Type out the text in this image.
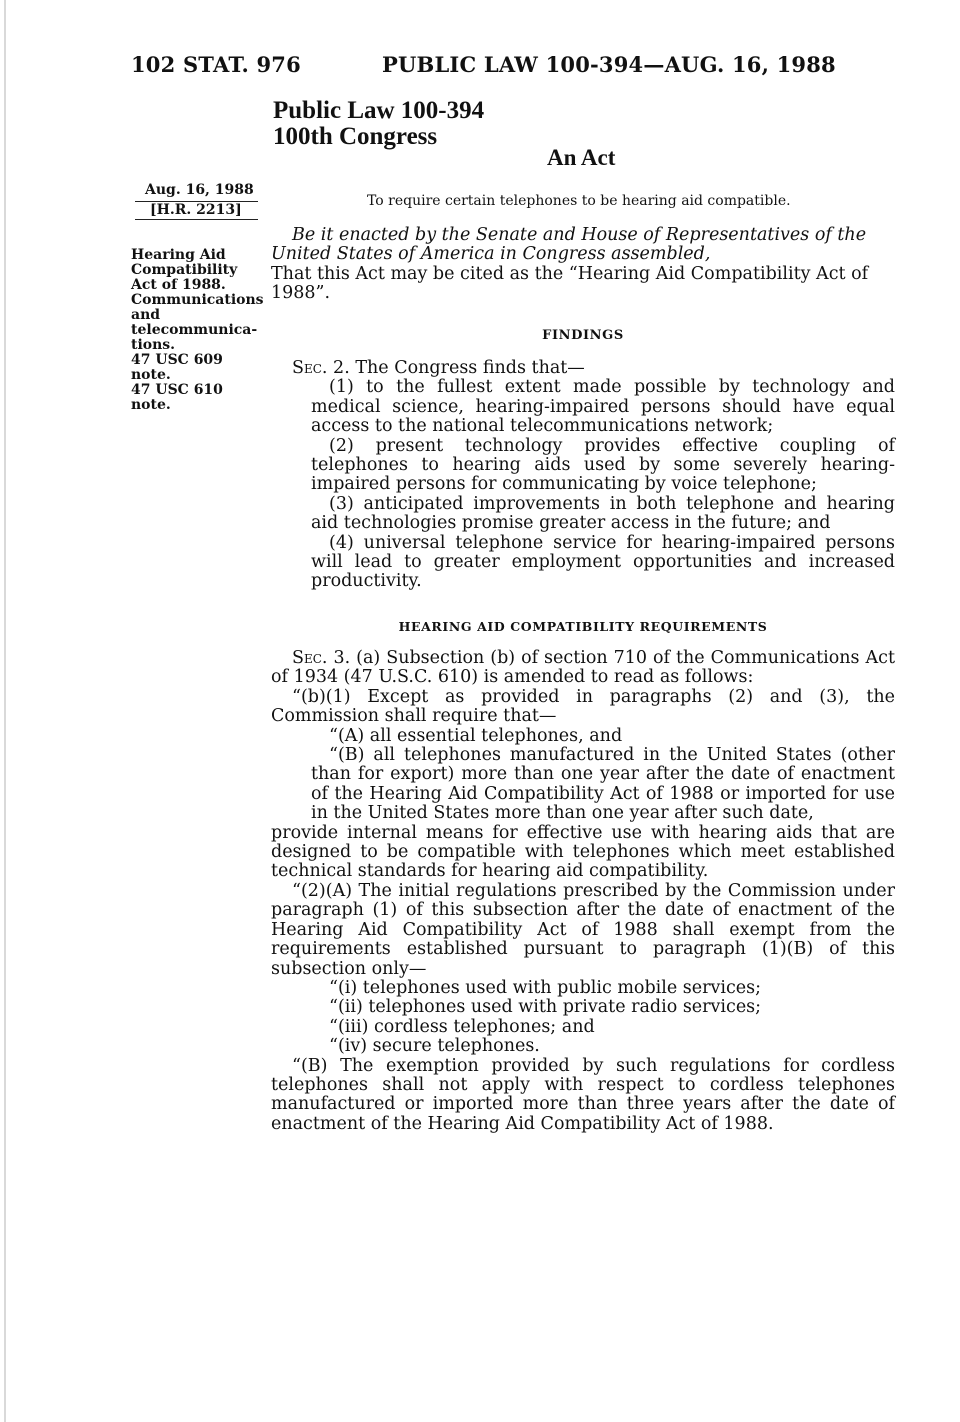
102 STAT. 976	PUBLIC LAW 100-394—AUG. 16, 1988
Public Law 100-394
100th Congress
An Act
To require certain telephones to be hearing aid compatible.
Aug. 16, 1988
[H.R. 2213]
Hearing Aid
Compatibility
Act of 1988.
Communications
and
telecommunica-
tions.
47 USC 609 note.
47 USC 610 note.

Be it enacted by the Senate and House of Representatives of the

United States of America in Congress assembled,

That this Act may be cited as the “Hearing Aid Compatibility Act of 1988”.

FINDINGS

Sec. 2. The Congress finds that—

(1) to the fullest extent made possible by technology and medical science, hearing-impaired persons should have equal access to the national telecommunications network;

(2) present technology provides effective coupling of telephones to hearing aids used by some severely hearing-impaired persons for communicating by voice telephone;

(3) anticipated improvements in both telephone and hearing aid technologies promise greater access in the future; and

(4) universal telephone service for hearing-impaired persons will lead to greater employment opportunities and increased productivity.

HEARING AID COMPATIBILITY REQUIREMENTS

Sec. 3. (a) Subsection (b) of section 710 of the Communications Act of 1934 (47 U.S.C. 610) is amended to read as follows:

“(b)(1) Except as provided in paragraphs (2) and (3), the Commission shall require that—

“(A) all essential telephones, and

“(B) all telephones manufactured in the United States (other than for export) more than one year after the date of enactment of the Hearing Aid Compatibility Act of 1988 or imported for use in the United States more than one year after such date,

provide internal means for effective use with hearing aids that are designed to be compatible with telephones which meet established technical standards for hearing aid compatibility.

“(2)(A) The initial regulations prescribed by the Commission under paragraph (1) of this subsection after the date of enactment of the Hearing Aid Compatibility Act of 1988 shall exempt from the requirements established pursuant to paragraph (1)(B) of this subsection only—

“(i) telephones used with public mobile services;

“(ii) telephones used with private radio services;

“(iii) cordless telephones; and

“(iv) secure telephones.

“(B) The exemption provided by such regulations for cordless telephones shall not apply with respect to cordless telephones manufactured or imported more than three years after the date of enactment of the Hearing Aid Compatibility Act of 1988.
